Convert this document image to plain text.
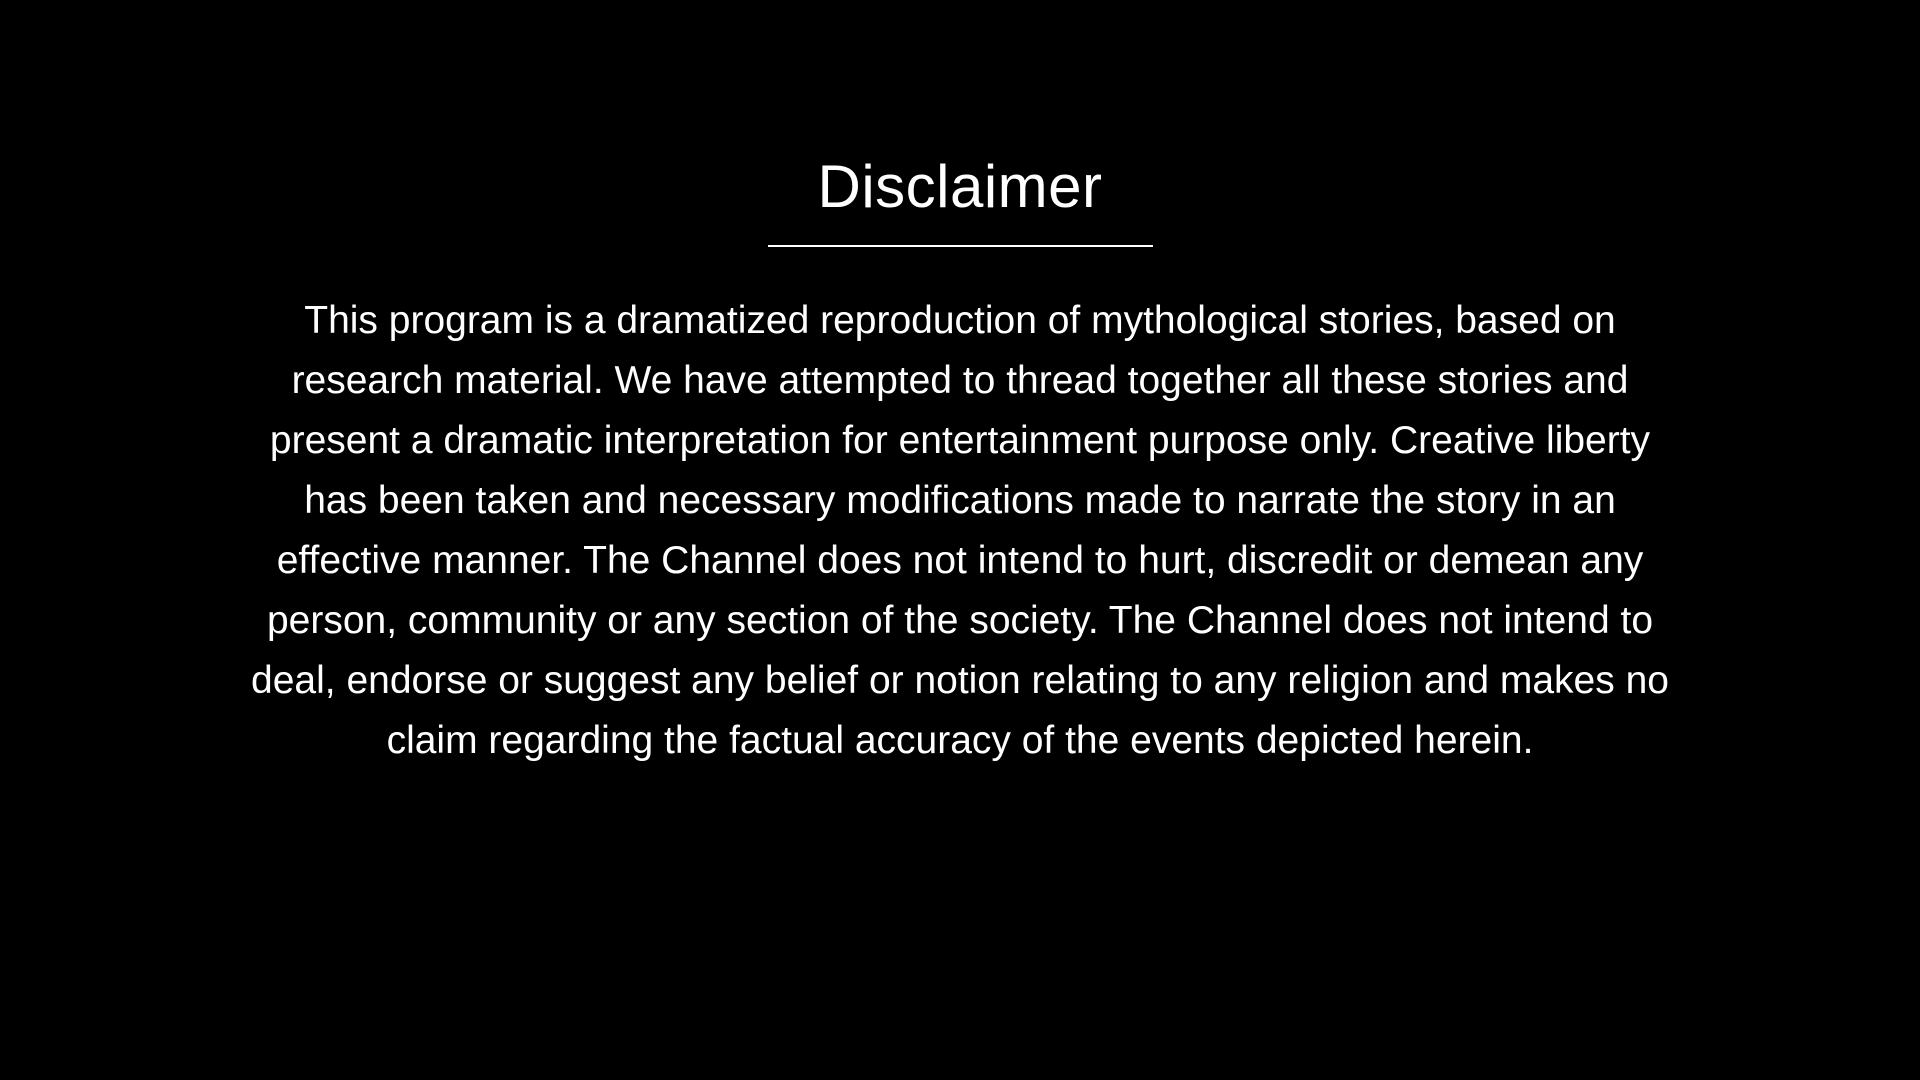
Disclaimer
This program is a dramatized reproduction of mythological stories, based on
research material. We have attempted to thread together all these stories and
present a dramatic interpretation for entertainment purpose only. Creative liberty
has been taken and necessary modifications made to narrate the story in an
effective manner. The Channel does not intend to hurt, discredit or demean any
person, community or any section of the society. The Channel does not intend to
deal, endorse or suggest any belief or notion relating to any religion and makes no
claim regarding the factual accuracy of the events depicted herein.
